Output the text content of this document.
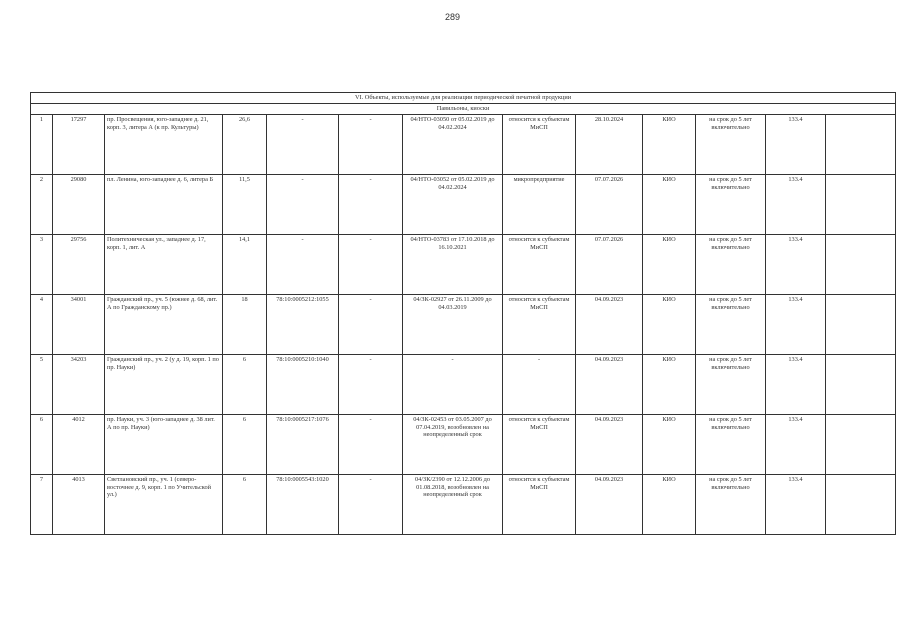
289
VI. Объекты, используемые для реализации периодической печатной продукции												
Павильоны, киоски												
1	17297	пр. Просвещения, юго-западнее д. 21, корп. 3, литера А (к пр. Культуры)	26,6	-	-	04/НТО-03050 от 05.02.2019 до 04.02.2024	относится к субъектам МиСП	28.10.2024	КИО	на срок до 5 лет включительно	133.4	
2	29080	пл. Ленина, юго-западнее д. 6, литера Б	11,5	-	-	04/НТО-03052 от 05.02.2019 до 04.02.2024	микропредприятие	07.07.2026	КИО	на срок до 5 лет включительно	133.4	
3	29756	Политехническая ул., западнее д. 17, корп. 1, лит. А	14,1	-	-	04/НТО-03783 от 17.10.2018 до 16.10.2021	относится к субъектам МиСП	07.07.2026	КИО	на срок до 5 лет включительно	133.4	
4	34001	Гражданский пр., уч. 5 (южнее д. 68, лит. А по Гражданскому пр.)	18	78:10:0005212:1055	-	04/ЗК-02927 от 26.11.2009 до 04.03.2019	относится к субъектам МиСП	04.09.2023	КИО	на срок до 5 лет включительно	133.4	
5	34203	Гражданский пр., уч. 2 (у д. 19, корп. 1 по пр. Науки)	6	78:10:0005210:1040	-	-	-	04.09.2023	КИО	на срок до 5 лет включительно	133.4	
6	4012	пр. Науки, уч. 3 (юго-западнее д. 38 лит. А по пр. Науки)	6	78:10:0005217:1076	-	04/ЗК-02453 от 03.05.2007 до 07.04.2019, возобновлен на неопределенный срок	относится к субъектам МиСП	04.09.2023	КИО	на срок до 5 лет включительно	133.4	
7	4013	Светлановский пр., уч. 1 (северо-восточнее д. 9, корп. 1 по Учительской ул.)	6	78:10:0005543:1020	-	04/ЗК/2390 от 12.12.2006 до 01.08.2018, возобновлен на неопределенный срок	относится к субъектам МиСП	04.09.2023	КИО	на срок до 5 лет включительно	133.4	
